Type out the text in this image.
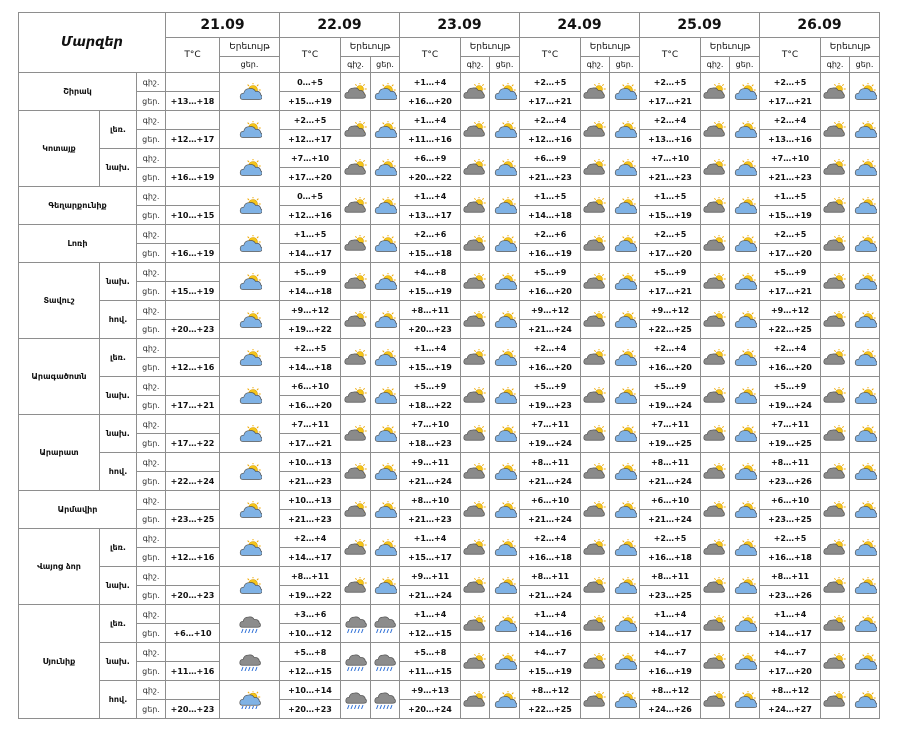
Մարզեր			21.09		22.09			23.09			24.09			25.09			26.09		
			T°C	Երեւույթ	T°C	Երեւույթ		T°C	Երեւույթ		T°C	Երեւույթ		T°C	Երեւույթ		T°C	Երեւույթ	
				ցեր.		գիշ.	ցեր.		գիշ.	ցեր.		գիշ.	ցեր.		գիշ.	ցեր.		գիշ.	ցեր.
Շիրակ		գիշ.			0…+5			+1…+4			+2…+5			+2…+5			+2…+5	

		ցեր.	+13…+18		+15…+19			+16…+20			+17…+21			+17…+21			+17…+21		
Կոտայք	լեռ.	գիշ.			+2…+5			+1…+4			+2…+4			+2…+4			+2…+4	

		ցեր.	+12…+17		+12…+17			+11…+16			+12…+16			+13…+16			+13…+16		
	նախ.	գիշ.			+7…+10			+6…+9			+6…+9			+7…+10			+7…+10	

		ցեր.	+16…+19		+17…+20			+20…+22			+21…+23			+21…+23			+21…+23		
Գեղարքունիք		գիշ.			0…+5			+1…+4			+1…+5			+1…+5			+1…+5	

		ցեր.	+10…+15		+12…+16			+13…+17			+14…+18			+15…+19			+15…+19		
Լոռի		գիշ.			+1…+5			+2…+6			+2…+6			+2…+5			+2…+5	

		ցեր.	+16…+19		+14…+17			+15…+18			+16…+19			+17…+20			+17…+20		
Տավուշ	նախ.	գիշ.			+5…+9			+4…+8			+5…+9			+5…+9			+5…+9	

		ցեր.	+15…+19		+14…+18			+15…+19			+16…+20			+17…+21			+17…+21		
	հով.	գիշ.			+9…+12			+8…+11			+9…+12			+9…+12			+9…+12	

		ցեր.	+20…+23		+19…+22			+20…+23			+21…+24			+22…+25			+22…+25		
Արագածոտն	լեռ.	գիշ.			+2…+5			+1…+4			+2…+4			+2…+4			+2…+4	

		ցեր.	+12…+16		+14…+18			+15…+19			+16…+20			+16…+20			+16…+20		
	նախ.	գիշ.			+6…+10			+5…+9			+5…+9			+5…+9			+5…+9	

		ցեր.	+17…+21		+16…+20			+18…+22			+19…+23			+19…+24			+19…+24		
Արարատ	նախ.	գիշ.			+7…+11			+7…+10			+7…+11			+7…+11			+7…+11	

		ցեր.	+17…+22		+17…+21			+18…+23			+19…+24			+19…+25			+19…+25		
	հով.	գիշ.			+10…+13			+9…+11			+8…+11			+8…+11			+8…+11	

		ցեր.	+22…+24		+21…+23			+21…+24			+21…+24			+21…+24			+23…+26		
Արմավիր		գիշ.			+10…+13			+8…+10			+6…+10			+6…+10			+6…+10	

		ցեր.	+23…+25		+21…+23			+21…+23			+21…+24			+21…+24			+23…+25		
Վայոց ձոր	լեռ.	գիշ.			+2…+4			+1…+4			+2…+4			+2…+5			+2…+5	

		ցեր.	+12…+16		+14…+17			+15…+17			+16…+18			+16…+18			+16…+18		
	նախ.	գիշ.			+8…+11			+9…+11			+8…+11			+8…+11			+8…+11	

		ցեր.	+20…+23		+19…+22			+21…+24			+21…+24			+23…+25			+23…+26		
Սյունիք	լեռ.	գիշ.			+3…+6			+1…+4			+1…+4			+1…+4			+1…+4	

		ցեր.	+6…+10		+10…+12			+12…+15			+14…+16			+14…+17			+14…+17		
	նախ.	գիշ.			+5…+8			+5…+8			+4…+7			+4…+7			+4…+7	

		ցեր.	+11…+16		+12…+15			+11…+15			+15…+19			+16…+19			+17…+20		
	հով.	գիշ.			+10…+14			+9…+13			+8…+12			+8…+12			+8…+12	

		ցեր.	+20…+23		+20…+23			+20…+24			+22…+25			+24…+26			+24…+27		
